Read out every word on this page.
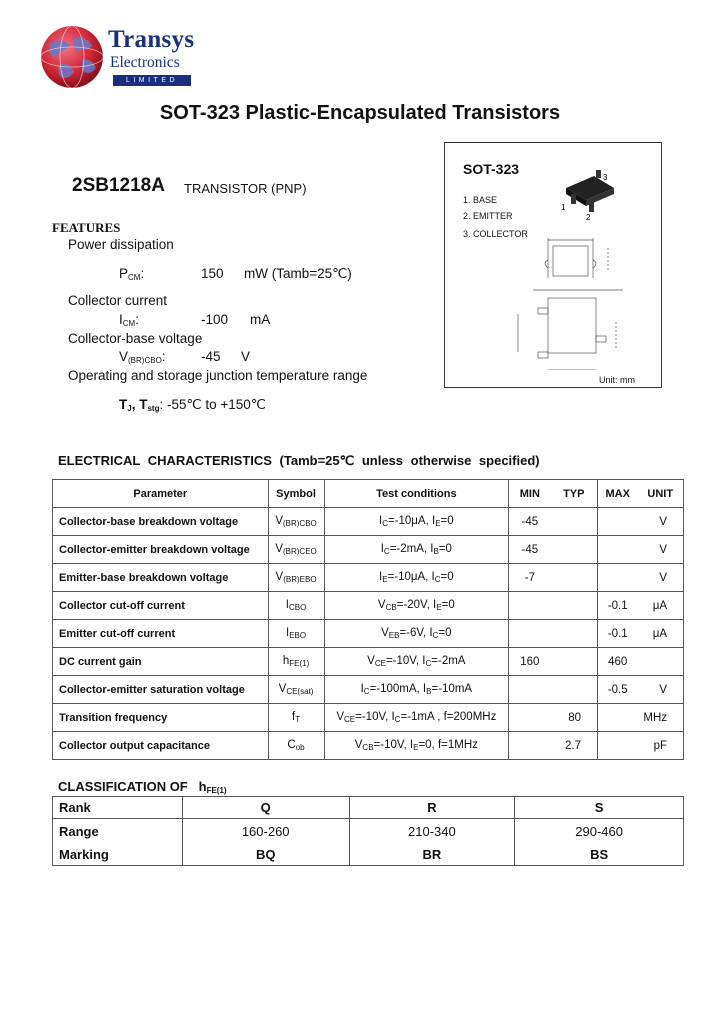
Transys
Electronics
LIMITED
SOT-323 Plastic-Encapsulated Transistors
2SB1218A TRANSISTOR (PNP)
FEATURES
Power dissipation
$P_{CM}$:	150 mW (Tamb=25℃)
Collector current
$I_{CM}$:	-100 mA
Collector-base voltage
$V_{(BR)CBO}$:	-45 V
Operating and storage junction temperature range
$T_J$, $T_{stg}$: -55℃ to +150℃
SOT-323
1. BASE
2. EMITTER
3. COLLECTOR
3
1
2
Unit: mm
ELECTRICAL CHARACTERISTICS (Tamb=25℃ unless otherwise specified)
Parameter	Symbol	Test conditions	MIN	TYP	MAX	UNIT
Collector-base breakdown voltage	$V_{(BR)CBO}$	$I_C=-10\mu A$, $I_E=0$	-45			V
Collector-emitter breakdown voltage	$V_{(BR)CEO}$	$I_C=-2mA$, $I_B=0$	-45			V
Emitter-base breakdown voltage	$V_{(BR)EBO}$	$I_E=-10\mu A$, $I_C=0$	-7			V
Collector cut-off current	$I_{CBO}$	$V_{CB}=-20V$, $I_E=0$			-0.1	μA
Emitter cut-off current	$I_{EBO}$	$V_{EB}=-6V$, $I_C=0$			-0.1	μA
DC current gain	$h_{FE(1)}$	$V_{CE}=-10V$, $I_C=-2mA$	160		460	
Collector-emitter saturation voltage	$V_{CE(sat)}$	$I_C=-100mA$, $I_B=-10mA$			-0.5	V
Transition frequency	$f_T$	$V_{CE}=-10V$, $I_C=-1mA$ , f=200MHz		80		MHz
Collector output capacitance	$C_{ob}$	$V_{CB}=-10V$, $I_E=0$, f=1MHz		2.7		pF
CLASSIFICATION OF $h_{FE(1)}$
Rank	Q	R	S
Range	160-260	210-340	290-460
Marking	BQ	BR	BS
